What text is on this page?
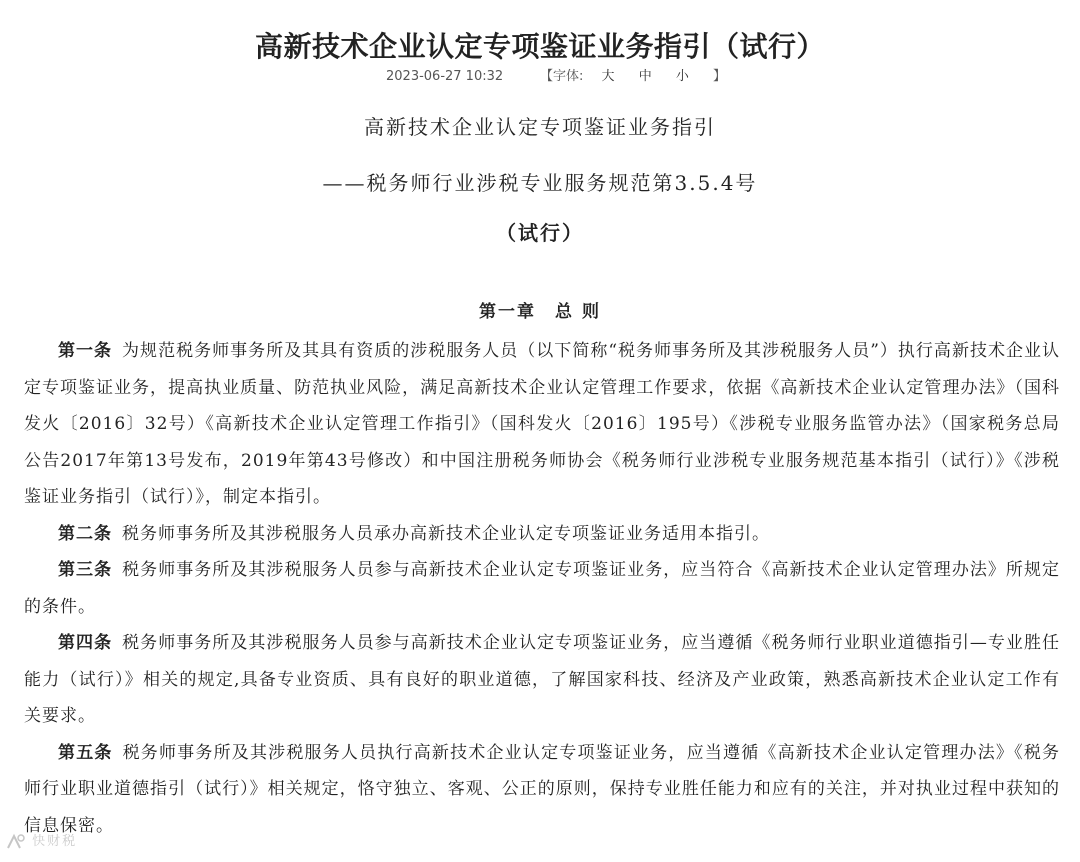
高新技术企业认定专项鉴证业务指引（试行）
2023-06-27 10:32	【字体: 大 中 小 】
高新技术企业认定专项鉴证业务指引
——税务师行业涉税专业服务规范第3.5.4号
（试行）
第一章　总 则

第一条 为规范税务师事务所及其具有资质的涉税服务人员（以下简称“税务师事务所及其涉税服务人员”）执行高新技术企业认定专项鉴证业务，提高执业质量、防范执业风险，满足高新技术企业认定管理工作要求，依据《高新技术企业认定管理办法》（国科发火〔2016〕32号）《高新技术企业认定管理工作指引》（国科发火〔2016〕195号）《涉税专业服务监管办法》（国家税务总局公告2017年第13号发布，2019年第43号修改）和中国注册税务师协会《税务师行业涉税专业服务规范基本指引（试行）》《涉税鉴证业务指引（试行）》，制定本指引。

第二条 税务师事务所及其涉税服务人员承办高新技术企业认定专项鉴证业务适用本指引。

第三条 税务师事务所及其涉税服务人员参与高新技术企业认定专项鉴证业务，应当符合《高新技术企业认定管理办法》所规定的条件。

第四条 税务师事务所及其涉税服务人员参与高新技术企业认定专项鉴证业务，应当遵循《税务师行业职业道德指引—专业胜任能力（试行）》相关的规定,具备专业资质、具有良好的职业道德，了解国家科技、经济及产业政策，熟悉高新技术企业认定工作有关要求。

第五条 税务师事务所及其涉税服务人员执行高新技术企业认定专项鉴证业务，应当遵循《高新技术企业认定管理办法》《税务师行业职业道德指引（试行）》相关规定，恪守独立、客观、公正的原则，保持专业胜任能力和应有的关注，并对执业过程中获知的信息保密。

快财税
